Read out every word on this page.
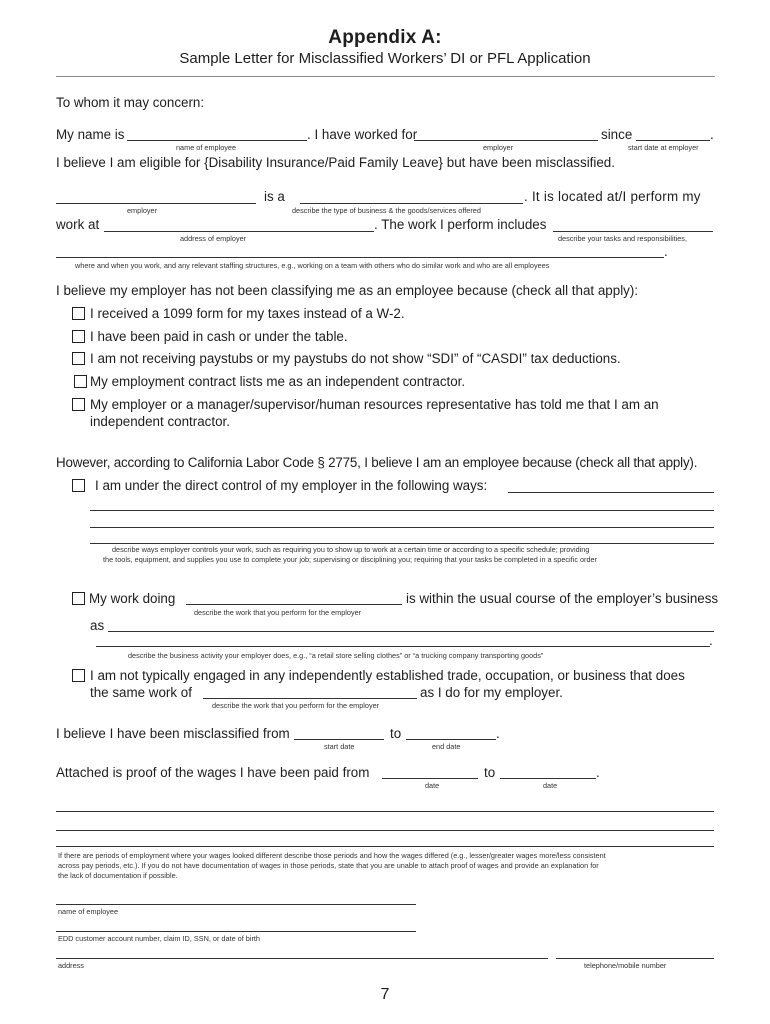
Appendix A:
Sample Letter for Misclassified Workers’ DI or PFL Application
To whom it may concern:
My name is	. I have worked for	since	.
name of employee	employer	start date at employer
I believe I am eligible for {Disability Insurance/Paid Family Leave} but have been misclassified.
is a	. It is located at/I perform my
employer	describe the type of business & the goods/services offered
work at	. The work I perform includes
address of employer	describe your tasks and responsibilities,
.
where and when you work, and any relevant staffing structures, e.g., working on a team with others who do similar work and who are all employees
I believe my employer has not been classifying me as an employee because (check all that apply):
I received a 1099 form for my taxes instead of a W-2.
I have been paid in cash or under the table.
I am not receiving paystubs or my paystubs do not show “SDI” of “CASDI” tax deductions.
My employment contract lists me as an independent contractor.
My employer or a manager/supervisor/human resources representative has told me that I am an
independent contractor.
However, according to California Labor Code § 2775, I believe I am an employee because (check all that apply).
I am under the direct control of my employer in the following ways:
describe ways employer controls your work, such as requiring you to show up to work at a certain time or according to a specific schedule; providing
the tools, equipment, and supplies you use to complete your job; supervising or disciplining you; requiring that your tasks be completed in a specific order
My work doing	is within the usual course of the employer’s business
describe the work that you perform for the employer
as
.
describe the business activity your employer does, e.g., “a retail store selling clothes” or “a trucking company transporting goods”
I am not typically engaged in any independently established trade, occupation, or business that does
the same work of	as I do for my employer.
describe the work that you perform for the employer
I believe I have been misclassified from	to	.
start date	end date
Attached is proof of the wages I have been paid from	to	.
date	date
If there are periods of employment where your wages looked different describe those periods and how the wages differed (e.g., lesser/greater wages more/less consistent
across pay periods, etc.). If you do not have documentation of wages in those periods, state that you are unable to attach proof of wages and provide an explanation for
the lack of documentation if possible.
name of employee
EDD customer account number, claim ID, SSN, or date of birth
address	telephone/mobile number
7
